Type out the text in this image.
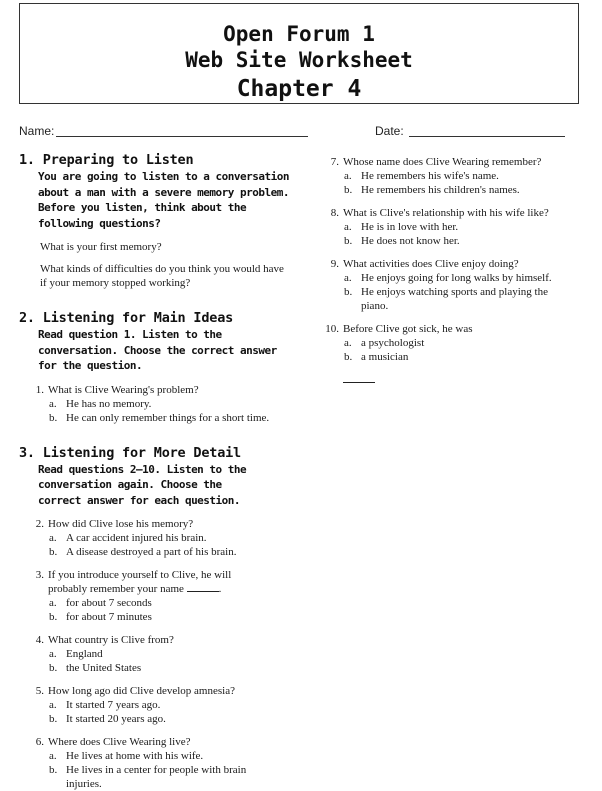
Open Forum 1
Web Site Worksheet
Chapter 4
Name:	Date:
1. Preparing to Listen
You are going to listen to a conversation about a man with a severe memory problem. Before you listen, think about the following questions?
What is your first memory?
What kinds of difficulties do you think you would have if your memory stopped working?
2. Listening for Main Ideas
Read question 1. Listen to the conversation. Choose the correct answer for the question.
1. What is Clive Wearing's problem?
a. He has no memory.
b. He can only remember things for a short time.
3. Listening for More Detail
Read questions 2–10. Listen to the conversation again. Choose the correct answer for each question.
2. How did Clive lose his memory?
a. A car accident injured his brain.
b. A disease destroyed a part of his brain.
3. If you introduce yourself to Clive, he will probably remember your name	.
a. for about 7 seconds
b. for about 7 minutes
4. What country is Clive from?
a. England
b. the United States
5. How long ago did Clive develop amnesia?
a. It started 7 years ago.
b. It started 20 years ago.
6. Where does Clive Wearing live?
a. He lives at home with his wife.
b. He lives in a center for people with brain injuries.
7. Whose name does Clive Wearing remember?
a. He remembers his wife's name.
b. He remembers his children's names.
8. What is Clive's relationship with his wife like?
a. He is in love with her.
b. He does not know her.
9. What activities does Clive enjoy doing?
a. He enjoys going for long walks by himself.
b. He enjoys watching sports and playing the piano.
10. Before Clive got sick, he was
a. a psychologist
b. a musician
